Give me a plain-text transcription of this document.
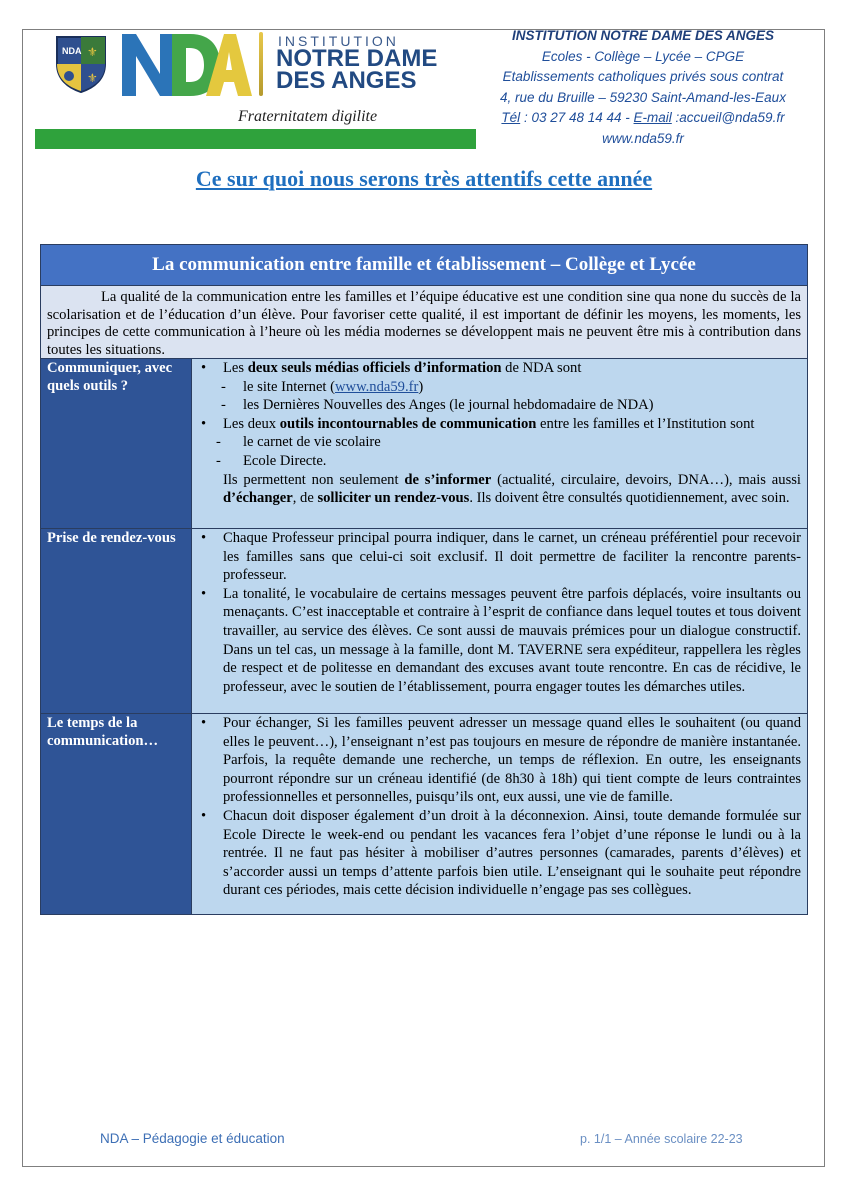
NDA ⚜
⚜
INSTITUTION
NOTRE DAME
DES ANGES
Fraternitatem digilite
INSTITUTION NOTRE DAME DES ANGES
Ecoles - Collège – Lycée – CPGE
Etablissements catholiques privés sous contrat
4, rue du Bruille – 59230 Saint-Amand-les-Eaux
Tél : 03 27 48 14 44 - E-mail :accueil@nda59.fr
www.nda59.fr
Ce sur quoi nous serons très attentifs cette année
La communication entre famille et établissement – Collège et Lycée
La qualité de la communication entre les familles et l’équipe éducative est une condition sine qua none du succès de la scolarisation et de l’éducation d’un élève. Pour favoriser cette qualité, il est important de définir les moyens, les moments, les principes de cette communication à l’heure où les média modernes se développent mais ne peuvent être mis à contribution dans toutes les situations.
Communiquer, avec quels outils ?
• Les deux seuls médias officiels d’information de NDA sont
- le site Internet (www.nda59.fr)
- les Dernières Nouvelles des Anges (le journal hebdomadaire de NDA)
• Les deux outils incontournables de communication entre les familles et l’Institution sont
- le carnet de vie scolaire
- Ecole Directe.
Ils permettent non seulement de s’informer (actualité, circulaire, devoirs, DNA…), mais aussi d’échanger, de solliciter un rendez-vous. Ils doivent être consultés quotidiennement, avec soin.
Prise de rendez-vous
•	Chaque Professeur principal pourra indiquer, dans le carnet, un créneau préférentiel pour recevoir les familles sans que celui-ci soit exclusif. Il doit permettre de faciliter la rencontre parents-professeur.
• La tonalité, le vocabulaire de certains messages peuvent être parfois déplacés, voire insultants ou menaçants. C’est inacceptable et contraire à l’esprit de confiance dans lequel toutes et tous doivent travailler, au service des élèves. Ce sont aussi de mauvais prémices pour un dialogue constructif. Dans un tel cas, un message à la famille, dont M. TAVERNE sera expéditeur, rappellera les règles de respect et de politesse en demandant des excuses avant toute rencontre. En cas de récidive, le professeur, avec le soutien de l’établissement, pourra engager toutes les démarches utiles.
Le temps de la communication…
• Pour échanger, Si les familles peuvent adresser un message quand elles le souhaitent (ou quand elles le peuvent…), l’enseignant n’est pas toujours en mesure de répondre de manière instantanée. Parfois, la requête demande une recherche, un temps de réflexion. En outre, les enseignants pourront répondre sur un créneau identifié (de 8h30 à 18h) qui tient compte de leurs contraintes professionnelles et personnelles, puisqu’ils ont, eux aussi, une vie de famille.
• Chacun doit disposer également d’un droit à la déconnexion. Ainsi, toute demande formulée sur Ecole Directe le week-end ou pendant les vacances fera l’objet d’une réponse le lundi ou à la rentrée. Il ne faut pas hésiter à mobiliser d’autres personnes (camarades, parents d’élèves) et s’accorder aussi un temps d’attente parfois bien utile. L’enseignant qui le souhaite peut répondre durant ces périodes, mais cette décision individuelle n’engage pas ses collègues.
NDA – Pédagogie et éducation	p. 1/1 – Année scolaire 22-23
